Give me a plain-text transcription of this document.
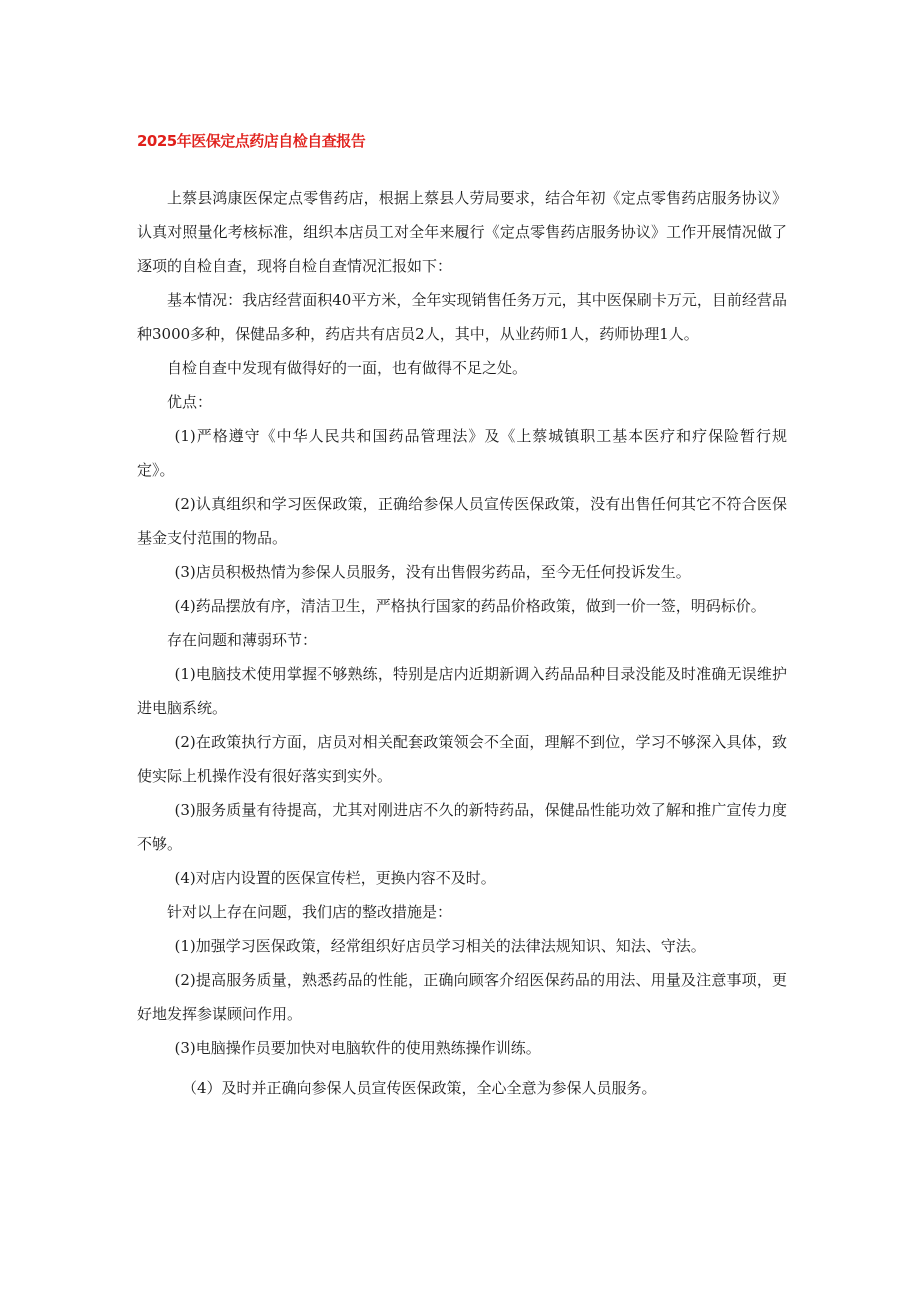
2025年医保定点药店自检自查报告

上蔡县鸿康医保定点零售药店，根据上蔡县人劳局要求，结合年初《定点零售药店服务协议》认真对照量化考核标准，组织本店员工对全年来履行《定点零售药店服务协议》工作开展情况做了逐项的自检自查，现将自检自查情况汇报如下：

基本情况：我店经营面积40平方米，全年实现销售任务万元，其中医保刷卡万元，目前经营品种3000多种，保健品多种，药店共有店员2人，其中，从业药师1人，药师协理1人。

自检自查中发现有做得好的一面，也有做得不足之处。

优点：

(1)严格遵守《中华人民共和国药品管理法》及《上蔡城镇职工基本医疗和疗保险暂行规定》。

(2)认真组织和学习医保政策，正确给参保人员宣传医保政策，没有出售任何其它不符合医保基金支付范围的物品。

(3)店员积极热情为参保人员服务，没有出售假劣药品，至今无任何投诉发生。

(4)药品摆放有序，清洁卫生，严格执行国家的药品价格政策，做到一价一签，明码标价。

存在问题和薄弱环节：

(1)电脑技术使用掌握不够熟练，特别是店内近期新调入药品品种目录没能及时准确无误维护进电脑系统。

(2)在政策执行方面，店员对相关配套政策领会不全面，理解不到位，学习不够深入具体，致使实际上机操作没有很好落实到实外。

(3)服务质量有待提高，尤其对刚进店不久的新特药品，保健品性能功效了解和推广宣传力度不够。

(4)对店内设置的医保宣传栏，更换内容不及时。

针对以上存在问题，我们店的整改措施是：

(1)加强学习医保政策，经常组织好店员学习相关的法律法规知识、知法、守法。

(2)提高服务质量，熟悉药品的性能，正确向顾客介绍医保药品的用法、用量及注意事项，更好地发挥参谋顾问作用。

(3)电脑操作员要加快对电脑软件的使用熟练操作训练。

（4）及时并正确向参保人员宣传医保政策，全心全意为参保人员服务。
